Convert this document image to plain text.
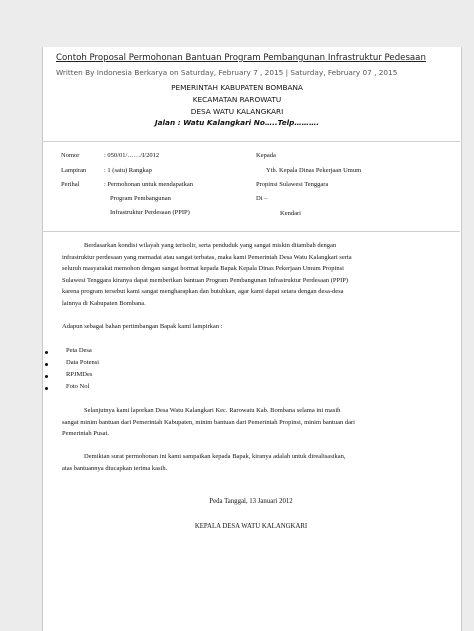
Contoh Proposal Permohonan Bantuan Program Pembangunan Infrastruktur Pedesaan
Written By Indonesia Berkarya on Saturday, February 7 , 2015 | Saturday, February 07 , 2015
PEMERINTAH KABUPATEN BOMBANA
KECAMATAN RAROWATU
DESA WATU KALANGKARI
Jalan : Watu Kalangkari No…..Telp……….
Nomor	: 050/01/……/I/2012
Lampiran	: 1 (satu) Rangkap
Perihal	: Permohonan untuk mendapatkan
Program Pembangunan
Infrastruktur Perdesaan (PPIP)
Kepada
Yth. Kepala Dinas Pekerjaan Umum
Propinsi Sulawesi Tenggara
Di –
Kendari

Berdasarkan kondisi wilayah yang terisolir, serta penduduk yang sangat miskin ditambah dengan
infrastruktur perdesaan yang memadai atau sangat terbatas, maka kami Pemerintah Desa Watu Kalangkari serta
seluruh masyarakat memohon dengan sangat hormat kepada Bapak Kepala Dinas Pekerjaan Umum Propinsi
Sulawesi Tenggara kiranya dapat memberikan bantuan Program Pembangunan Infrastruktur Perdesaan (PPIP)
karena program tersebut kami sangat mengharapkan dan butuhkan, agar kami dapat setara dengan desa-desa
lainnya di Kabupaten Bombana.

Adapun sebagai bahan pertimbangan Bapak kami lampirkan :
Peta Desa
Data Potensi
RPJMDes
Foto Nol

Selanjutnya kami laporkan Desa Watu Kalangkari Kec. Rarowatu Kab. Bombana selama ini masih
sangat minim bantuan dari Pemerintah Kabupaten, minim bantuan dari Pemerintah Propinsi, minim bantuan dari
Pemerintah Pusat.

Demikian surat permohonan ini kami sampaikan kepada Bapak, kiranya adalah untuk direalisasikan,
atas bantuannya diucapkan terima kasih.

Peda Tanggal, 13 Januari 2012
KEPALA DESA WATU KALANGKARI
